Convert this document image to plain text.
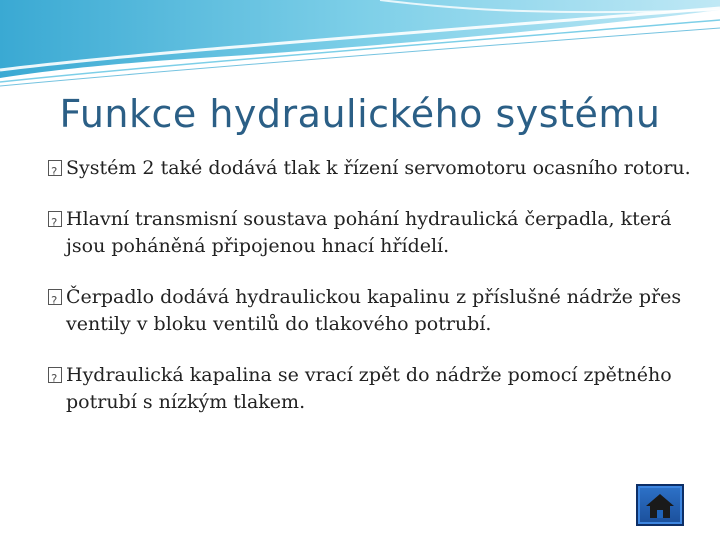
Funkce hydraulického systému
?
Systém 2 také dodává tlak k řízení servomotoru ocasního rotoru.
?
Hlavní transmisní soustava pohání hydraulická čerpadla, která jsou poháněná připojenou hnací hřídelí.
?
Čerpadlo dodává hydraulickou kapalinu z příslušné nádrže přes ventily v bloku ventilů do tlakového potrubí.
?
Hydraulická kapalina se vrací zpět do nádrže pomocí zpětného potrubí s nízkým tlakem.
